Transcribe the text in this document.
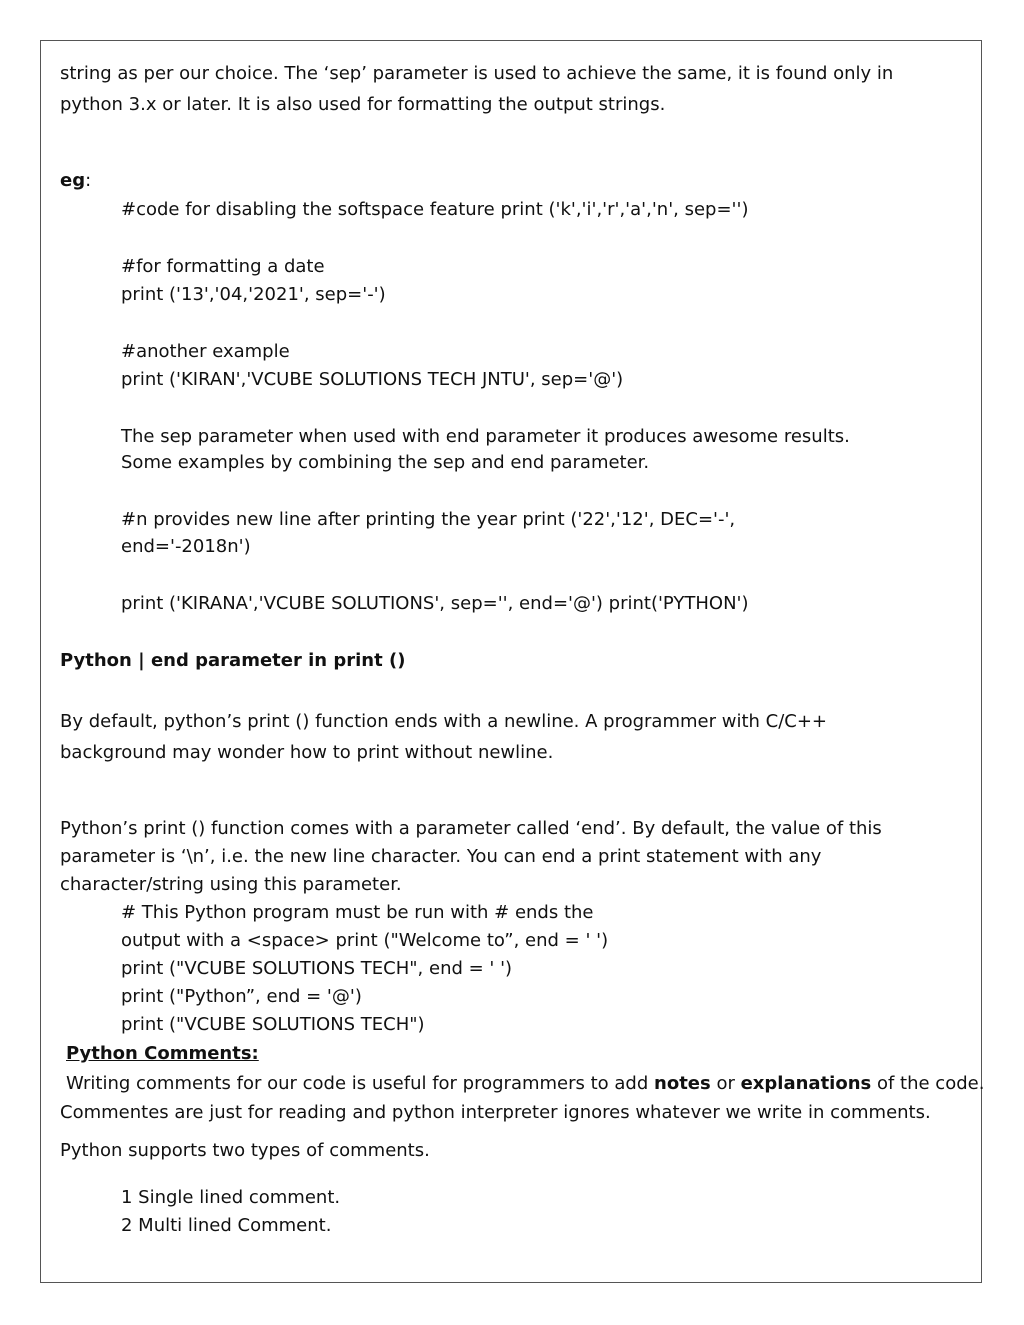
string as per our choice. The ‘sep’ parameter is used to achieve the same, it is found only in
python 3.x or later. It is also used for formatting the output strings.
eg:
#code for disabling the softspace feature print ('k','i','r','a','n', sep='')
#for formatting a date
print ('13','04,'2021', sep='-')
#another example
print ('KIRAN','VCUBE SOLUTIONS TECH JNTU', sep='@')
The sep parameter when used with end parameter it produces awesome results.
Some examples by combining the sep and end parameter.
#n provides new line after printing the year print ('22','12', DEC='-',
end='-2018n')
print ('KIRANA','VCUBE SOLUTIONS', sep='', end='@') print('PYTHON')
Python | end parameter in print ()
By default, python’s print () function ends with a newline. A programmer with C/C++
background may wonder how to print without newline.
Python’s print () function comes with a parameter called ‘end’. By default, the value of this
parameter is ‘\n’, i.e. the new line character. You can end a print statement with any
character/string using this parameter.
# This Python program must be run with # ends the
output with a <space> print ("Welcome to”, end = ' ')
print ("VCUBE SOLUTIONS TECH", end = ' ')
print ("Python”, end = '@')
print ("VCUBE SOLUTIONS TECH")
Python Comments:
Writing comments for our code is useful for programmers to add notes or explanations of the code.
Commentes are just for reading and python interpreter ignores whatever we write in comments.
Python supports two types of comments.
1 Single lined comment.
2 Multi lined Comment.
